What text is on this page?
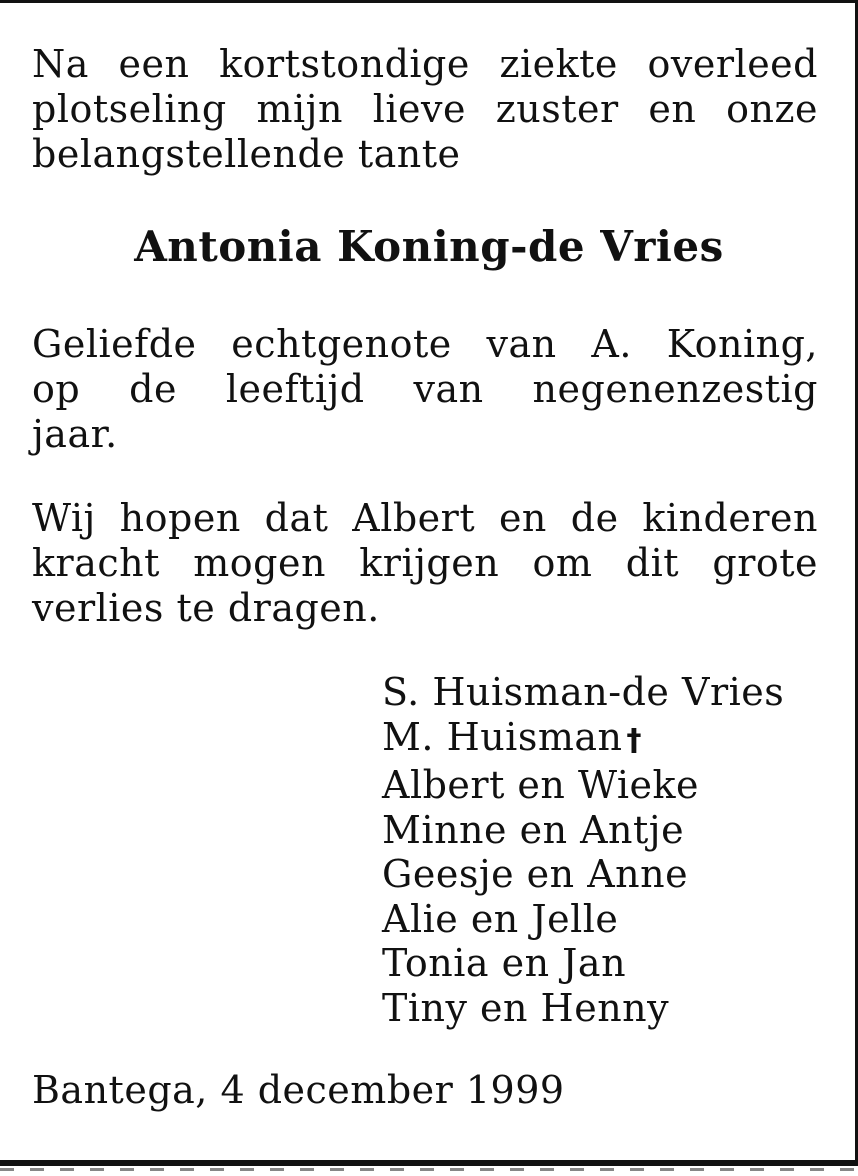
Na een kortstondige ziekte overleed
plotseling mijn lieve zuster en onze
belangstellende tante
Antonia Koning-de Vries
Geliefde echtgenote van A. Koning,
op de leeftijd van negenenzestig
jaar.
Wij hopen dat Albert en de kinderen
kracht mogen krijgen om dit grote
verlies te dragen.
S. Huisman-de Vries
M. Huisman †
Albert en Wieke
Minne en Antje
Geesje en Anne
Alie en Jelle
Tonia en Jan
Tiny en Henny
Bantega, 4 december 1999
